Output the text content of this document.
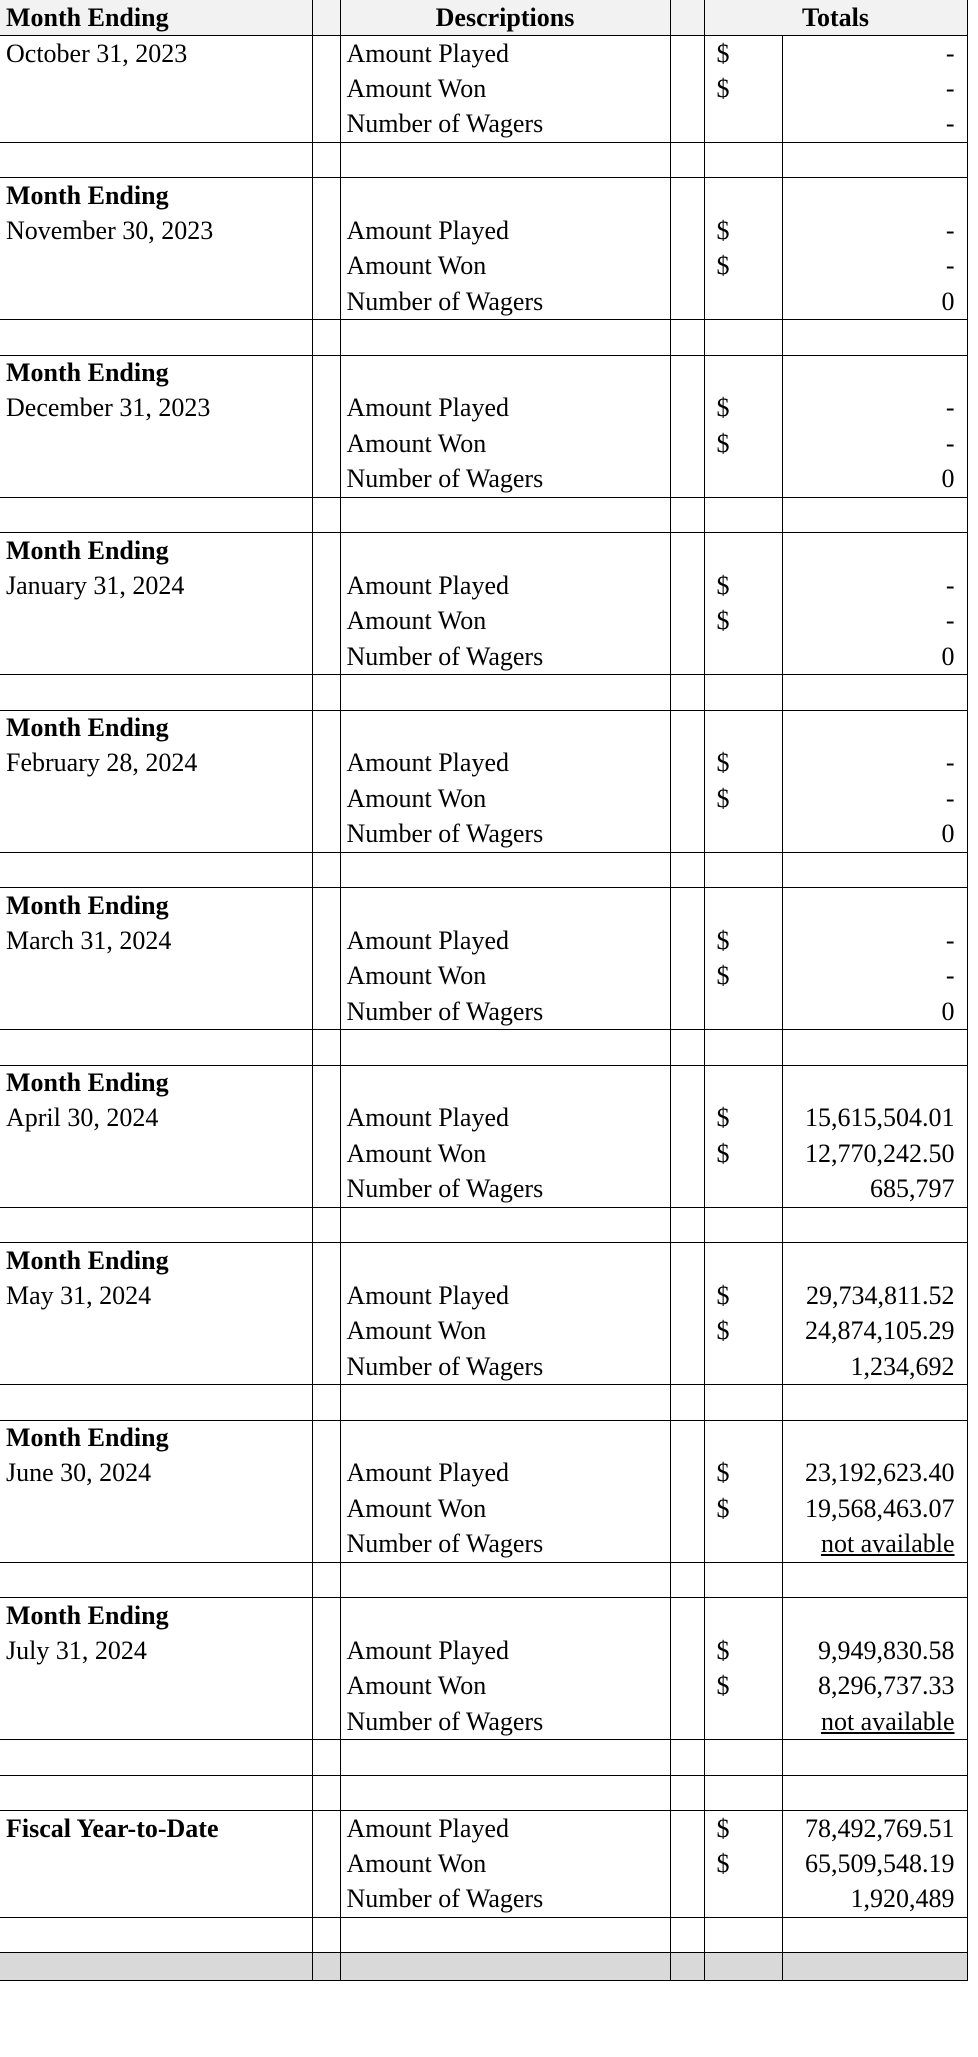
Month Ending		Descriptions		Totals	
October 31, 2023		Amount Played		$	-
		Amount Won		$	-
		Number of Wagers			-

Month Ending					
November 30, 2023		Amount Played		$	-
		Amount Won		$	-
		Number of Wagers			0

Month Ending					
December 31, 2023		Amount Played		$	-
		Amount Won		$	-
		Number of Wagers			0

Month Ending					
January 31, 2024		Amount Played		$	-
		Amount Won		$	-
		Number of Wagers			0

Month Ending					
February 28, 2024		Amount Played		$	-
		Amount Won		$	-
		Number of Wagers			0

Month Ending					
March 31, 2024		Amount Played		$	-
		Amount Won		$	-
		Number of Wagers			0

Month Ending					
April 30, 2024		Amount Played		$	15,615,504.01
		Amount Won		$	12,770,242.50
		Number of Wagers			685,797

Month Ending					
May 31, 2024		Amount Played		$	29,734,811.52
		Amount Won		$	24,874,105.29
		Number of Wagers			1,234,692

Month Ending					
June 30, 2024		Amount Played		$	23,192,623.40
		Amount Won		$	19,568,463.07
		Number of Wagers			not available

Month Ending					
July 31, 2024		Amount Played		$	9,949,830.58
		Amount Won		$	8,296,737.33
		Number of Wagers			not available

Fiscal Year-to-Date		Amount Played		$	78,492,769.51
		Amount Won		$	65,509,548.19
		Number of Wagers			1,920,489
